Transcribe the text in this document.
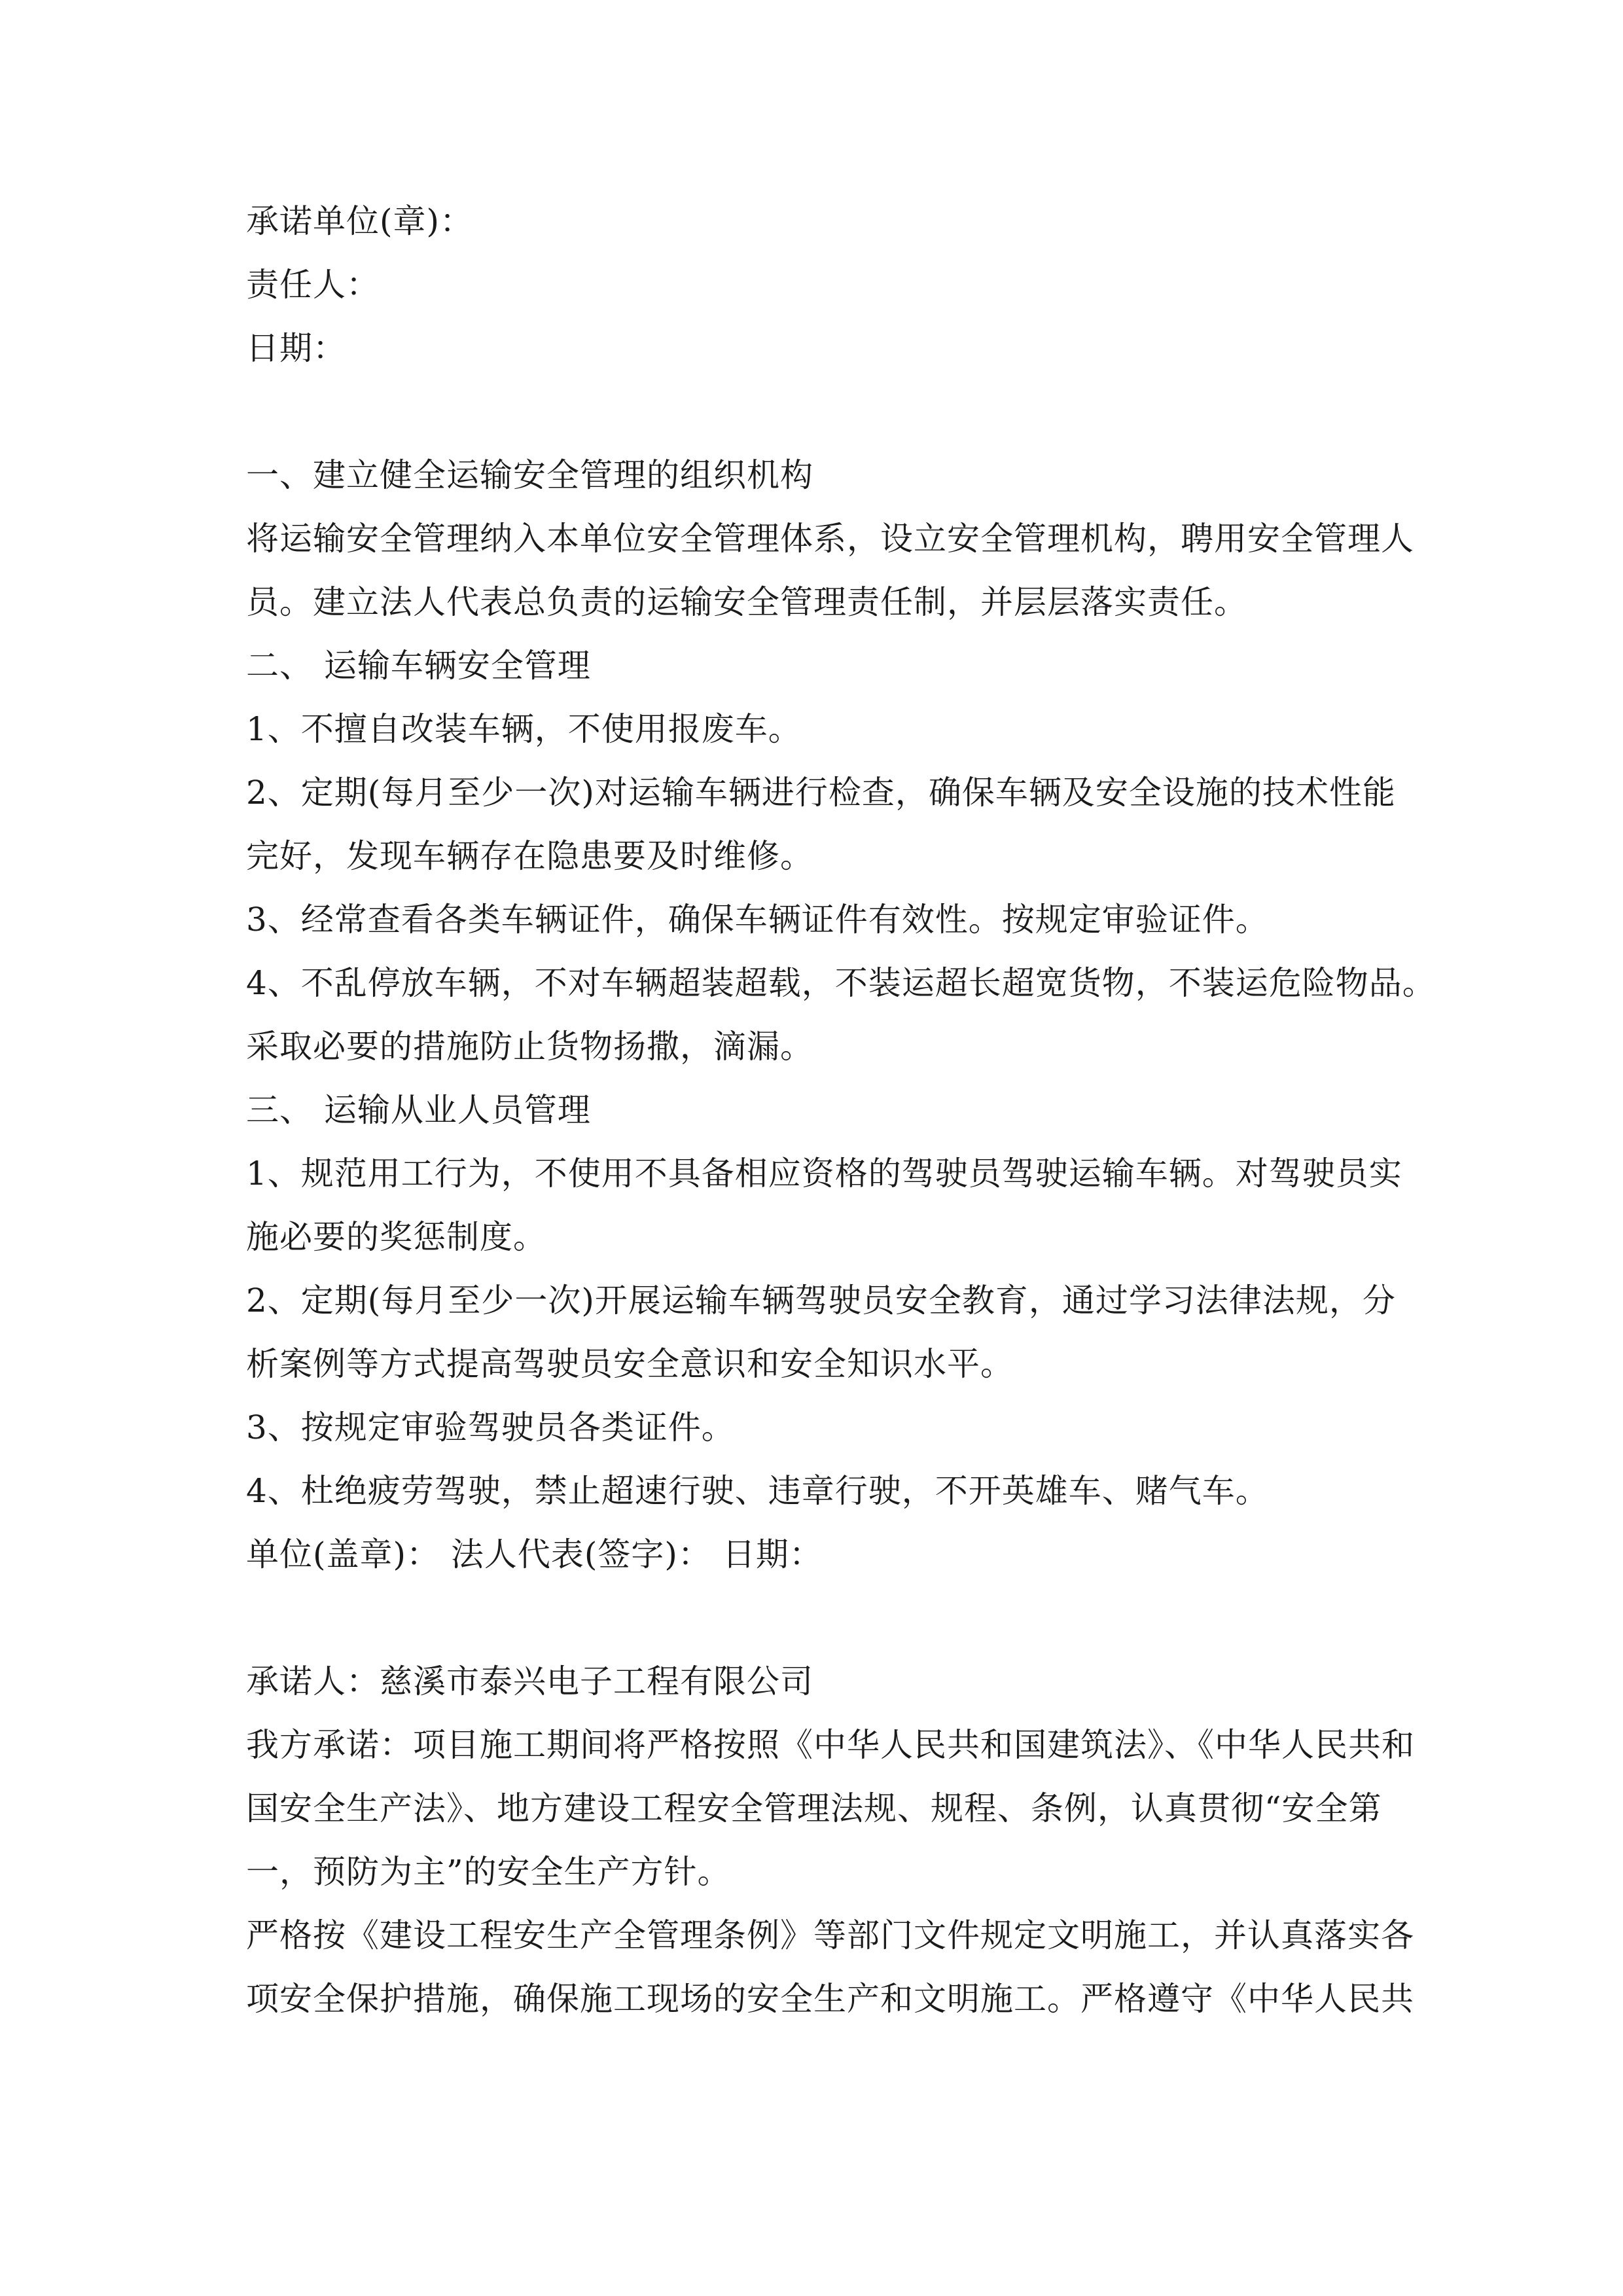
承诺单位(章)：
责任人：
日期：
一、建立健全运输安全管理的组织机构
将运输安全管理纳入本单位安全管理体系，设立安全管理机构，聘用安全管理人
员。建立法人代表总负责的运输安全管理责任制，并层层落实责任。
二、 运输车辆安全管理
1、不擅自改装车辆，不使用报废车。
2、定期(每月至少一次)对运输车辆进行检查，确保车辆及安全设施的技术性能
完好，发现车辆存在隐患要及时维修。
3、经常查看各类车辆证件，确保车辆证件有效性。按规定审验证件。
4、不乱停放车辆，不对车辆超装超载，不装运超长超宽货物，不装运危险物品。
采取必要的措施防止货物扬撒，滴漏。
三、 运输从业人员管理
1、规范用工行为，不使用不具备相应资格的驾驶员驾驶运输车辆。对驾驶员实
施必要的奖惩制度。
2、定期(每月至少一次)开展运输车辆驾驶员安全教育，通过学习法律法规，分
析案例等方式提高驾驶员安全意识和安全知识水平。
3、按规定审验驾驶员各类证件。
4、杜绝疲劳驾驶，禁止超速行驶、违章行驶，不开英雄车、赌气车。
单位(盖章)： 法人代表(签字)： 日期：
承诺人：慈溪市泰兴电子工程有限公司
我方承诺：项目施工期间将严格按照《中华人民共和国建筑法》、《中华人民共和
国安全生产法》、地方建设工程安全管理法规、规程、条例，认真贯彻“安全第
一，预防为主”的安全生产方针。
严格按《建设工程安生产全管理条例》等部门文件规定文明施工，并认真落实各
项安全保护措施，确保施工现场的安全生产和文明施工。严格遵守《中华人民共
